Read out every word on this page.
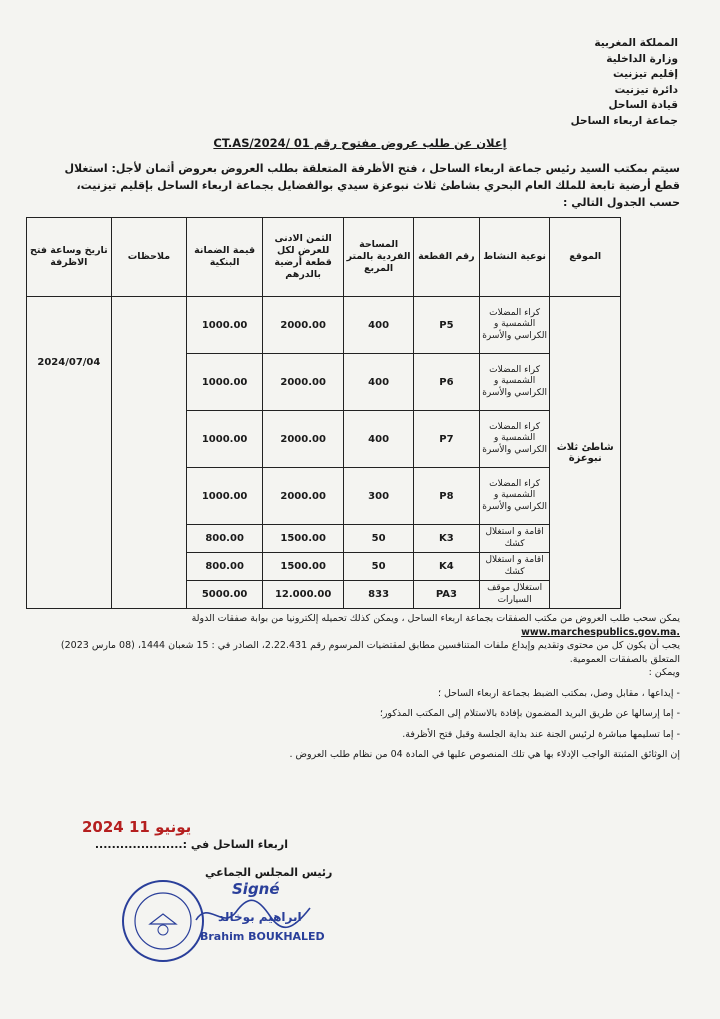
المملكة المغربية
وزارة الداخلية
إقليم تيزنيت
دائرة تيزنيت
قيادة الساحل
جماعة اربعاء الساحل
إعلان عن طلب عروض مفتوح رقم 01 /CT.AS/2024
سيتم بمكتب السيد رئيس جماعة اربعاء الساحل ، فتح الأظرفة المتعلقة بطلب العروض بعروض أثمان لأجل: استغلال قطع أرضية تابعة للملك العام البحري بشاطئ ثلاث نبوعزة سيدي بوالفضايل بجماعة اربعاء الساحل بإقليم تيزنيت، حسب الجدول التالي :
الموقع	نوعية النشاط	رقم القطعة	المساحة الفردية بالمتر المربع	الثمن الادنى للعرض لكل قطعة أرضية بالدرهم	قيمة الضمانة البنكية	ملاحظات	تاريخ وساعة فتح الاظرفة
شاطئ ثلاث نبوعزة	كراء المضلات الشمسية و الكراسي والأسرة	P5	400	2000.00	1000.00		2024/07/04
	كراء المضلات الشمسية و الكراسي والأسرة	P6	400	2000.00	1000.00		
	كراء المضلات الشمسية و الكراسي والأسرة	P7	400	2000.00	1000.00		
	كراء المضلات الشمسية و الكراسي والأسرة	P8	300	2000.00	1000.00		
	اقامة و استغلال كشك	K3	50	1500.00	800.00		
	اقامة و استغلال كشك	K4	50	1500.00	800.00		
	استغلال موقف السيارات	PA3	833	12.000.00	5000.00		

يمكن سحب طلب العروض من مكتب الصفقات بجماعة اربعاء الساحل ، ويمكن كذلك تحميله إلكترونيا من بوابة صفقات الدولة

.www.marchespublics.gov.ma

يجب أن يكون كل من محتوى وتقديم وإيداع ملفات المتنافسين مطابق لمقتضيات المرسوم رقم 2.22.431، الصادر في : 15 شعبان 1444، (08 مارس 2023) المتعلق بالصفقات العمومية.

ويمكن :

- إيداعها ، مقابل وصل، بمكتب الضبط بجماعة اربعاء الساحل ؛

- إما إرسالها عن طريق البريد المضمون بإفادة بالاستلام إلى المكتب المذكور؛

- إما تسليمها مباشرة لرئيس الجنة عند بداية الجلسة وقبل فتح الأظرفة.

إن الوثائق المثبتة الواجب الإدلاء بها هي تلك المنصوص عليها في المادة 04 من نظام طلب العروض .

2024 يونيو 11
اربعاء الساحل في :.....................
رئيس المجلس الجماعي
Signé
ابراهيم بوخالد
Brahim BOUKHALED
